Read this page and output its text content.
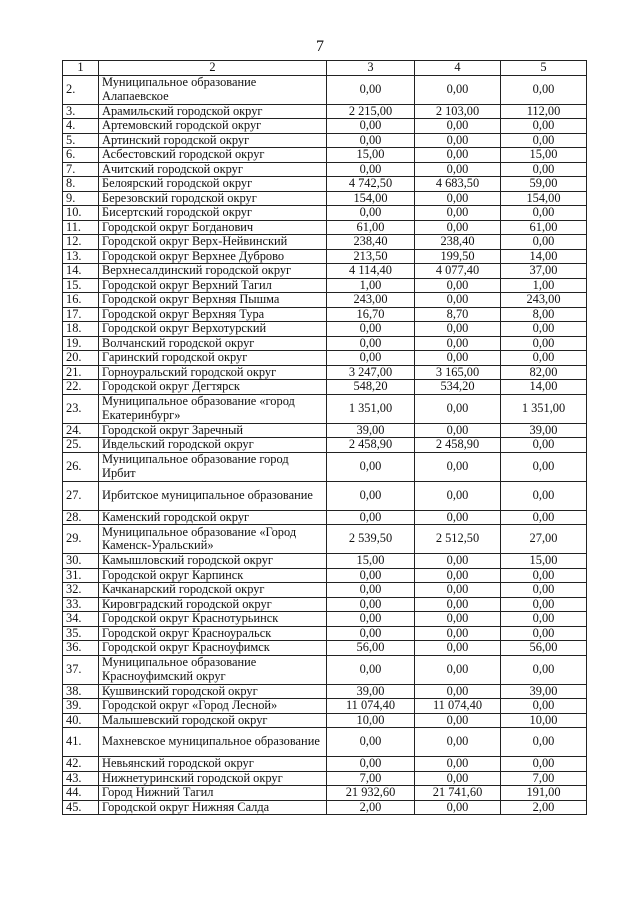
7
1	2	3	4	5
2.	Муниципальное образование Алапаевское	0,00	0,00	0,00
3.	Арамильский городской округ	2 215,00	2 103,00	112,00
4.	Артемовский городской округ	0,00	0,00	0,00
5.	Артинский городской округ	0,00	0,00	0,00
6.	Асбестовский городской округ	15,00	0,00	15,00
7.	Ачитский городской округ	0,00	0,00	0,00
8.	Белоярский городской округ	4 742,50	4 683,50	59,00
9.	Березовский городской округ	154,00	0,00	154,00
10.	Бисертский городской округ	0,00	0,00	0,00
11.	Городской округ Богданович	61,00	0,00	61,00
12.	Городской округ Верх-Нейвинский	238,40	238,40	0,00
13.	Городской округ Верхнее Дуброво	213,50	199,50	14,00
14.	Верхнесалдинский городской округ	4 114,40	4 077,40	37,00
15.	Городской округ Верхний Тагил	1,00	0,00	1,00
16.	Городской округ Верхняя Пышма	243,00	0,00	243,00
17.	Городской округ Верхняя Тура	16,70	8,70	8,00
18.	Городской округ Верхотурский	0,00	0,00	0,00
19.	Волчанский городской округ	0,00	0,00	0,00
20.	Гаринский городской округ	0,00	0,00	0,00
21.	Горноуральский городской округ	3 247,00	3 165,00	82,00
22.	Городской округ Дегтярск	548,20	534,20	14,00
23.	Муниципальное образование «город Екатеринбург»	1 351,00	0,00	1 351,00
24.	Городской округ Заречный	39,00	0,00	39,00
25.	Ивдельский городской округ	2 458,90	2 458,90	0,00
26.	Муниципальное образование город Ирбит	0,00	0,00	0,00
27.	Ирбитское муниципальное образование	0,00	0,00	0,00
28.	Каменский городской округ	0,00	0,00	0,00
29.	Муниципальное образование «Город Каменск-Уральский»	2 539,50	2 512,50	27,00
30.	Камышловский городской округ	15,00	0,00	15,00
31.	Городской округ Карпинск	0,00	0,00	0,00
32.	Качканарский городской округ	0,00	0,00	0,00
33.	Кировградский городской округ	0,00	0,00	0,00
34.	Городской округ Краснотурьинск	0,00	0,00	0,00
35.	Городской округ Красноуральск	0,00	0,00	0,00
36.	Городской округ Красноуфимск	56,00	0,00	56,00
37.	Муниципальное образование Красноуфимский округ	0,00	0,00	0,00
38.	Кушвинский городской округ	39,00	0,00	39,00
39.	Городской округ «Город Лесной»	11 074,40	11 074,40	0,00
40.	Малышевский городской округ	10,00	0,00	10,00
41.	Махневское муниципальное образование	0,00	0,00	0,00
42.	Невьянский городской округ	0,00	0,00	0,00
43.	Нижнетуринский городской округ	7,00	0,00	7,00
44.	Город Нижний Тагил	21 932,60	21 741,60	191,00
45.	Городской округ Нижняя Салда	2,00	0,00	2,00
